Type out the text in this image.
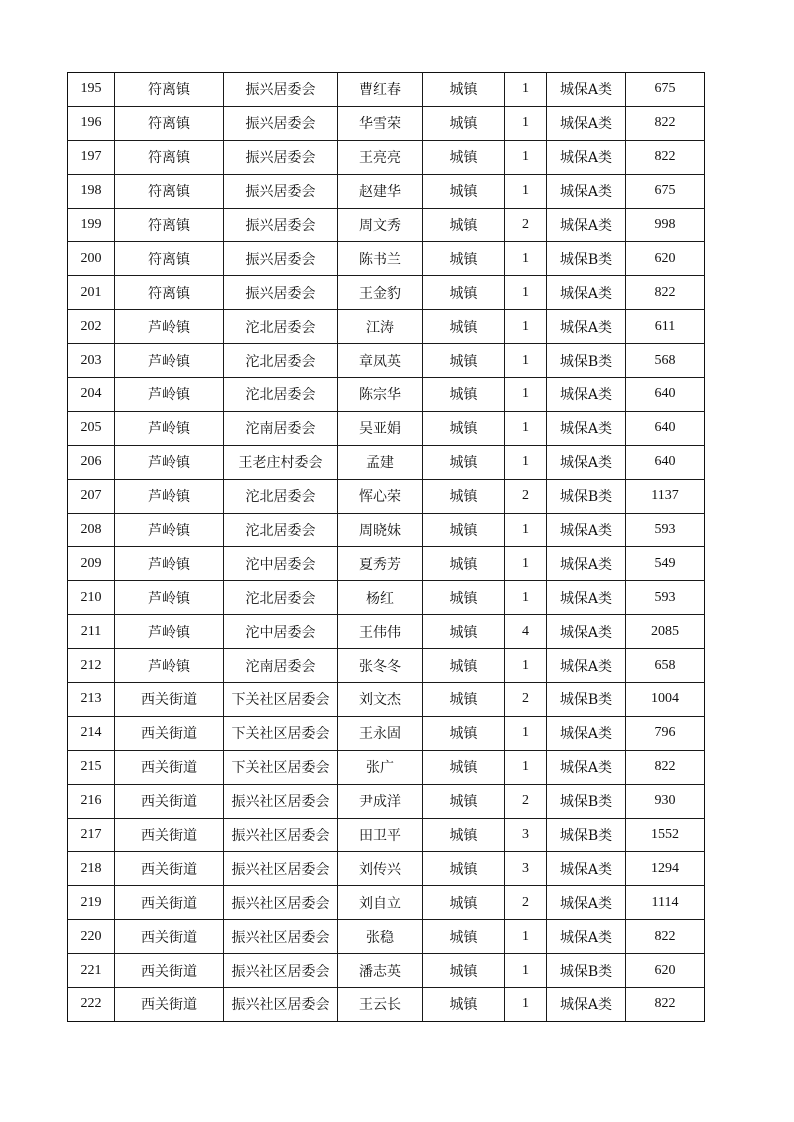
195	符离镇	振兴居委会	曹红春	城镇	1	城保A类	675
196	符离镇	振兴居委会	华雪荣	城镇	1	城保A类	822
197	符离镇	振兴居委会	王亮亮	城镇	1	城保A类	822
198	符离镇	振兴居委会	赵建华	城镇	1	城保A类	675
199	符离镇	振兴居委会	周文秀	城镇	2	城保A类	998
200	符离镇	振兴居委会	陈书兰	城镇	1	城保B类	620
201	符离镇	振兴居委会	王金豹	城镇	1	城保A类	822
202	芦岭镇	沱北居委会	江涛	城镇	1	城保A类	611
203	芦岭镇	沱北居委会	章凤英	城镇	1	城保B类	568
204	芦岭镇	沱北居委会	陈宗华	城镇	1	城保A类	640
205	芦岭镇	沱南居委会	吴亚娟	城镇	1	城保A类	640
206	芦岭镇	王老庄村委会	孟建	城镇	1	城保A类	640
207	芦岭镇	沱北居委会	恽心荣	城镇	2	城保B类	1137
208	芦岭镇	沱北居委会	周晓妹	城镇	1	城保A类	593
209	芦岭镇	沱中居委会	夏秀芳	城镇	1	城保A类	549
210	芦岭镇	沱北居委会	杨红	城镇	1	城保A类	593
211	芦岭镇	沱中居委会	王伟伟	城镇	4	城保A类	2085
212	芦岭镇	沱南居委会	张冬冬	城镇	1	城保A类	658
213	西关街道	下关社区居委会	刘文杰	城镇	2	城保B类	1004
214	西关街道	下关社区居委会	王永固	城镇	1	城保A类	796
215	西关街道	下关社区居委会	张广	城镇	1	城保A类	822
216	西关街道	振兴社区居委会	尹成洋	城镇	2	城保B类	930
217	西关街道	振兴社区居委会	田卫平	城镇	3	城保B类	1552
218	西关街道	振兴社区居委会	刘传兴	城镇	3	城保A类	1294
219	西关街道	振兴社区居委会	刘自立	城镇	2	城保A类	1114
220	西关街道	振兴社区居委会	张稳	城镇	1	城保A类	822
221	西关街道	振兴社区居委会	潘志英	城镇	1	城保B类	620
222	西关街道	振兴社区居委会	王云长	城镇	1	城保A类	822
